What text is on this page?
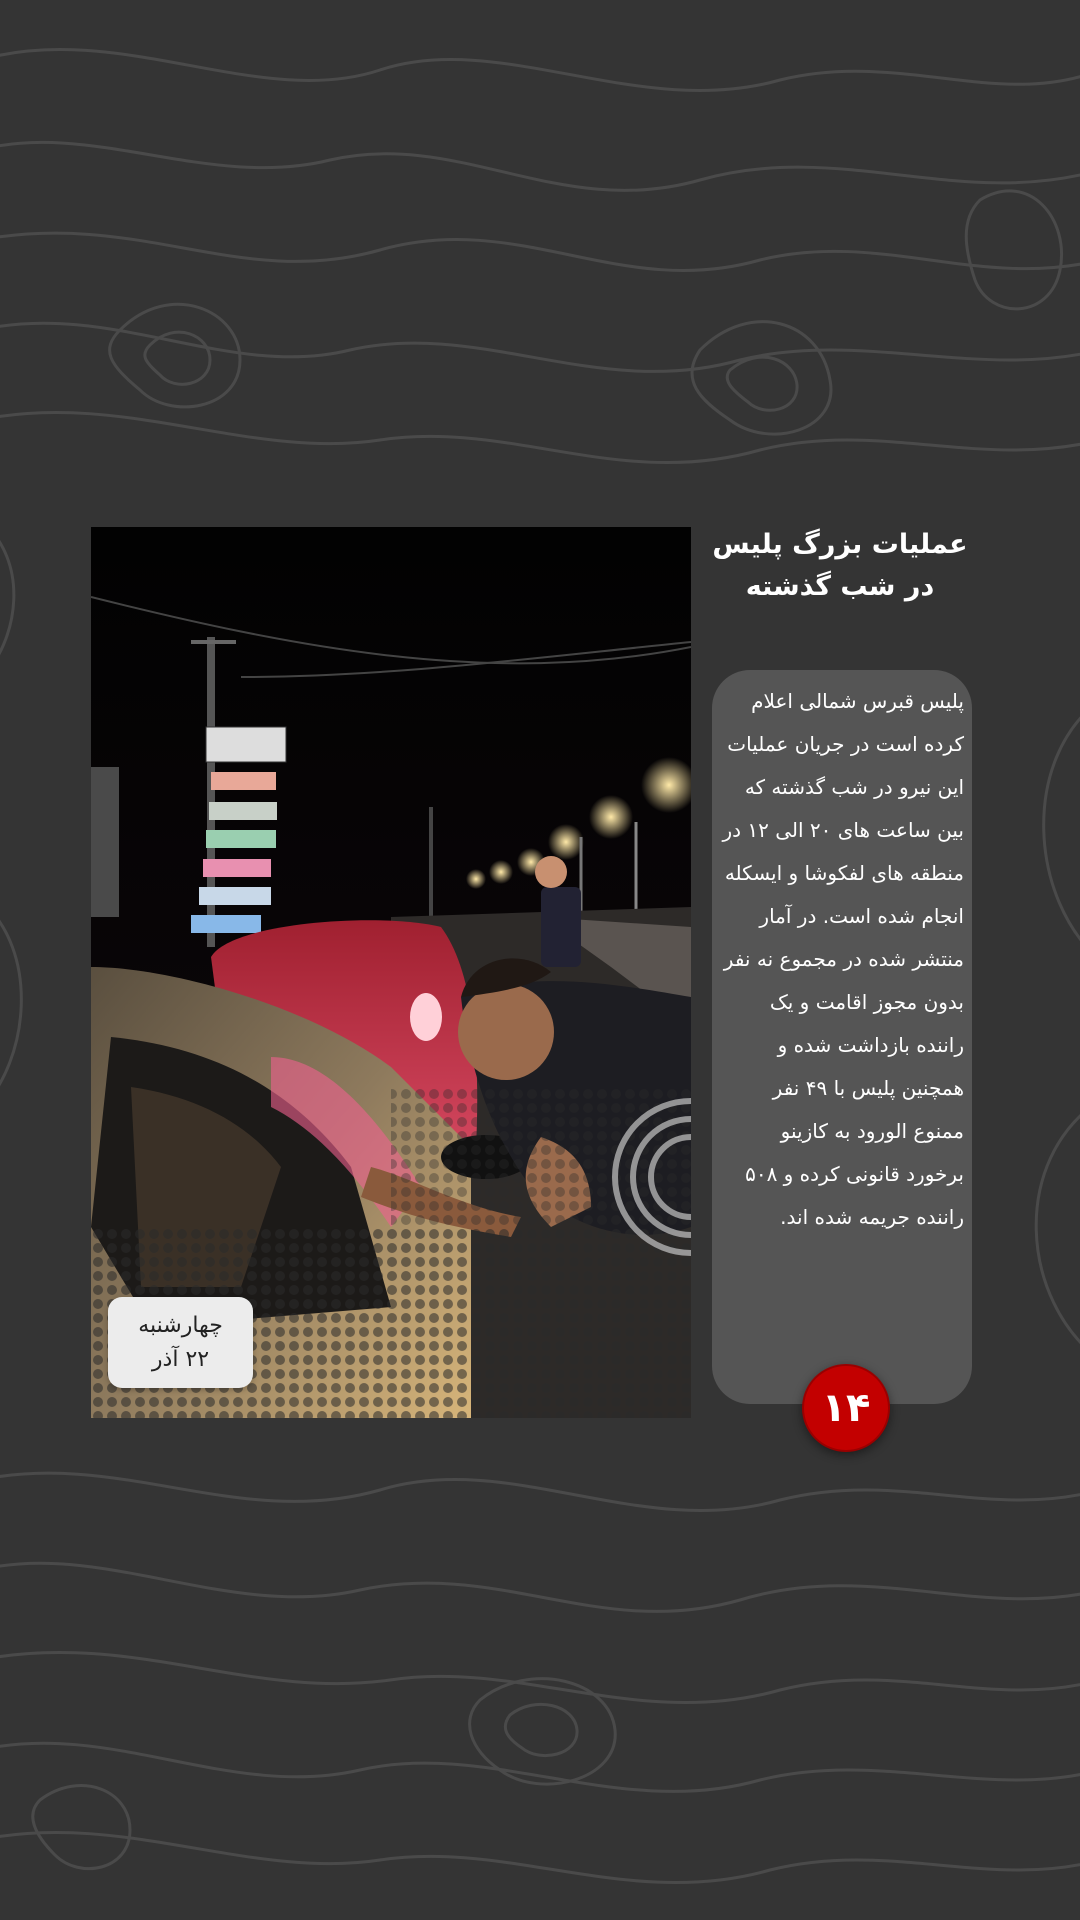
چهارشنبه
۲۲ آذر
عملیات بزرگ پلیس در شب گذشته
پلیس قبرس شمالی اعلام کرده است در جریان عملیات این نیرو در شب گذشته که بین ساعت های ۲۰ الی ۱۲ در منطقه های لفکوشا و ایسکله انجام شده است. در آمار منتشر شده در مجموع نه نفر بدون مجوز اقامت و یک راننده بازداشت شده و همچنین پلیس با ۴۹ نفر ممنوع الورود به کازینو برخورد قانونی کرده و ۵۰۸ راننده جریمه شده اند.
۱۴
